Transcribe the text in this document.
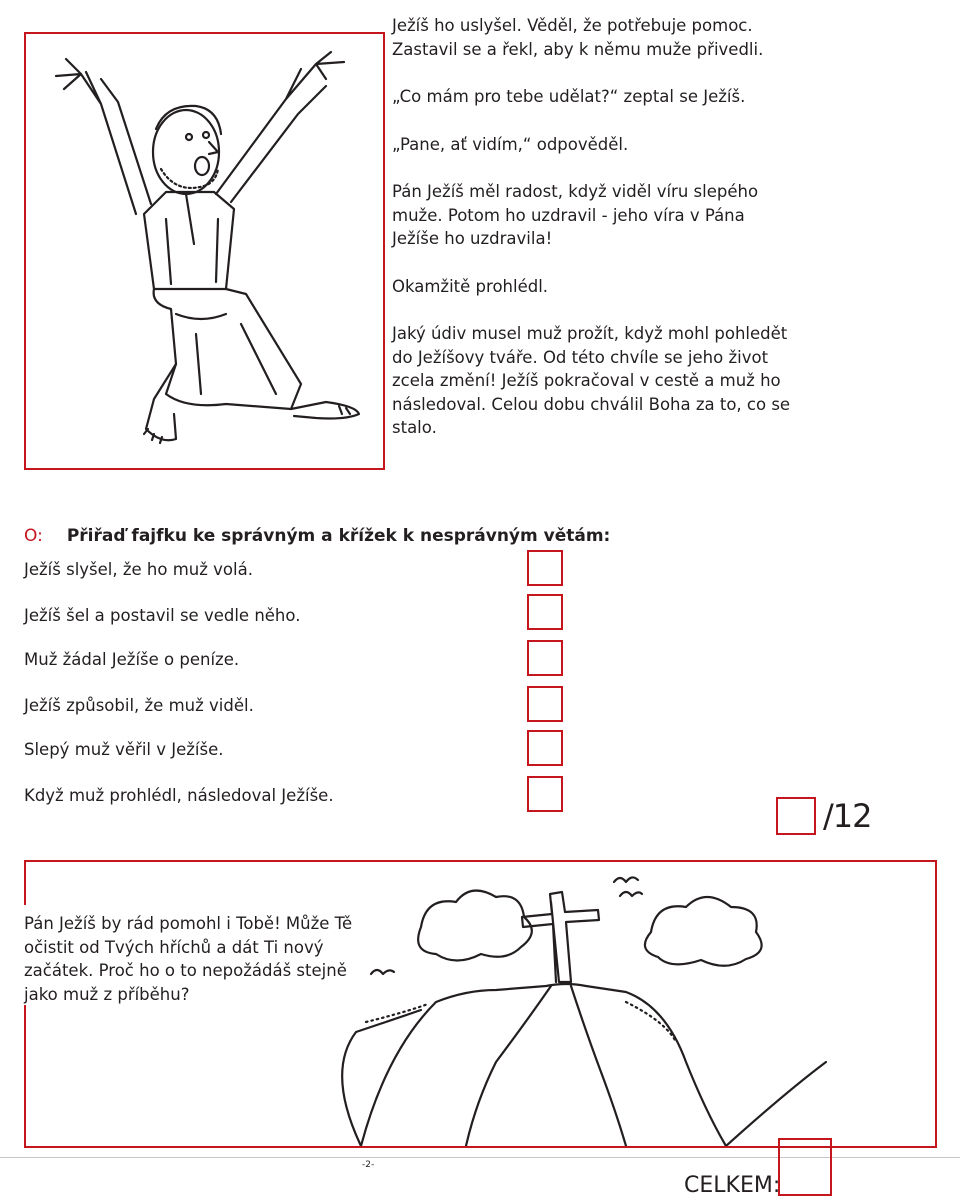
Ježíš ho uslyšel. Věděl, že potřebuje pomoc.

Zastavil se a řekl, aby k němu muže přivedli.

„Co mám pro tebe udělat?“ zeptal se Ježíš.

„Pane, ať vidím,“ odpověděl.

Pán Ježíš měl radost, když viděl víru slepého

muže. Potom ho uzdravil - jeho víra v Pána

Ježíše ho uzdravila!

Okamžitě prohlédl.

Jaký údiv musel muž prožít, když mohl pohledět

do Ježíšovy tváře. Od této chvíle se jeho život

zcela změní! Ježíš pokračoval v cestě a muž ho

následoval. Celou dobu chválil Boha za to, co se

stalo.

O: Přiřaď fajfku ke správným a křížek k nesprávným větám:
Ježíš slyšel, že ho muž volá.
Ježíš šel a postavil se vedle něho.
Muž žádal Ježíše o peníze.
Ježíš způsobil, že muž viděl.
Slepý muž věřil v Ježíše.
Když muž prohlédl, následoval Ježíše.
/12
Pán Ježíš by rád pomohl i Tobě! Může Tě
očistit od Tvých hříchů a dát Ti nový
začátek. Proč ho o to nepožádáš stejně
jako muž z příběhu?
-2-
CELKEM:
